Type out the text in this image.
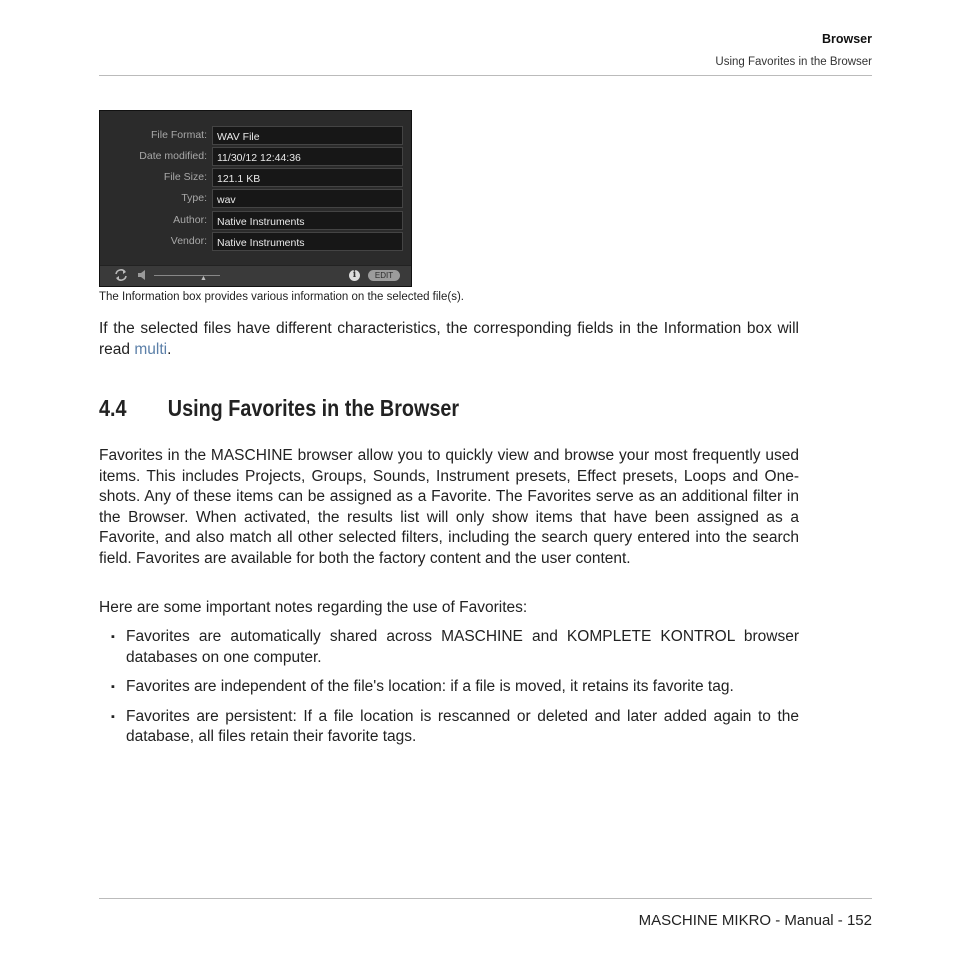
Browser
Using Favorites in the Browser
File Format: WAV File
Date modified: 11/30/12 12:44:36
File Size: 121.1 KB
Type: wav
Author: Native Instruments
Vendor: Native Instruments
▲	i	EDIT
The Information box provides various information on the selected file(s).
If the selected files have different characteristics, the corresponding fields in the Information box will read multi.
4.4 Using Favorites in the Browser
Favorites in the MASCHINE browser allow you to quickly view and browse your most frequently used items. This includes Projects, Groups, Sounds, Instrument presets, Effect presets, Loops and One-shots. Any of these items can be assigned as a Favorite. The Favorites serve as an additional filter in the Browser. When activated, the results list will only show items that have been assigned as a Favorite, and also match all other selected filters, including the search query entered into the search field. Favorites are available for both the factory content and the user content.
Here are some important notes regarding the use of Favorites:
▪ Favorites are automatically shared across MASCHINE and KOMPLETE KONTROL browser databases on one computer.
▪ Favorites are independent of the file's location: if a file is moved, it retains its favorite tag.
▪ Favorites are persistent: If a file location is rescanned or deleted and later added again to the database, all files retain their favorite tags.
MASCHINE MIKRO - Manual - 152
